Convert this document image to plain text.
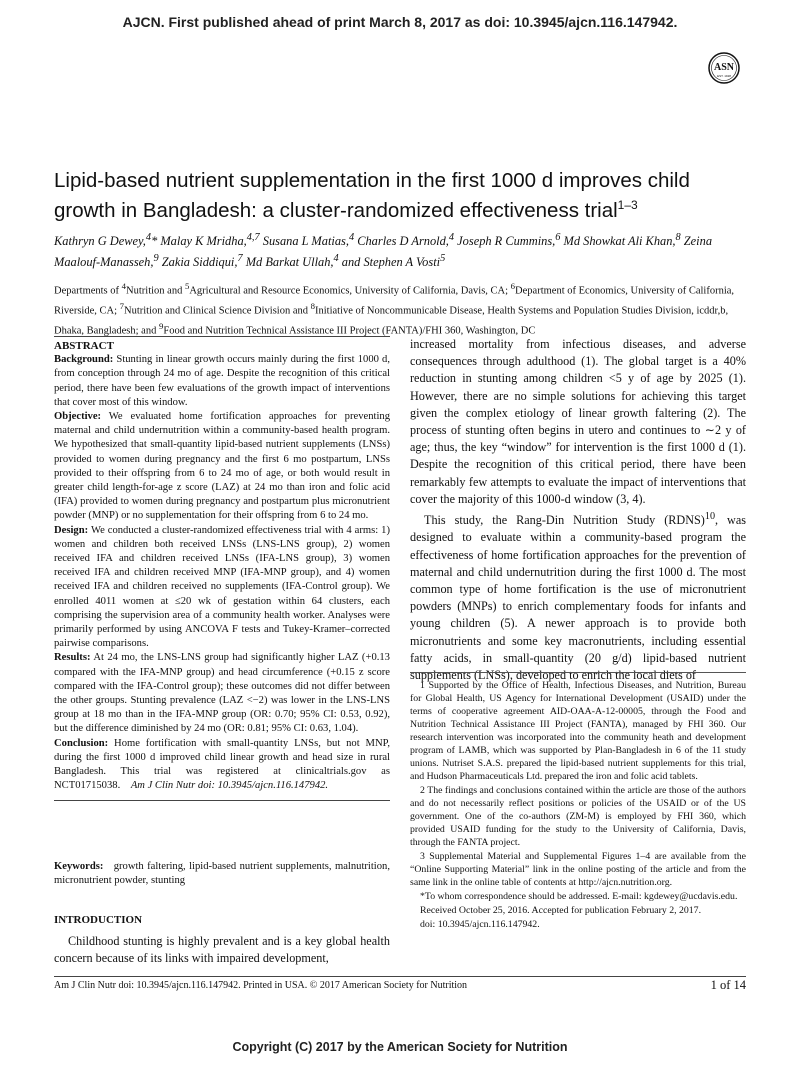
AJCN. First published ahead of print March 8, 2017 as doi: 10.3945/ajcn.116.147942.
ASN
EST. 1928
Lipid-based nutrient supplementation in the first 1000 d improves child growth in Bangladesh: a cluster-randomized effectiveness trial$^{1-3}$
Kathryn G Dewey,$^4$* Malay K Mridha,$^{4,7}$ Susana L Matias,$^4$ Charles D Arnold,$^4$ Joseph R Cummins,$^6$ Md Showkat Ali Khan,$^8$ Zeina Maalouf-Manasseh,$^9$ Zakia Siddiqui,$^7$ Md Barkat Ullah,$^4$ and Stephen A Vosti$^5$
Departments of $^4$Nutrition and $^5$Agricultural and Resource Economics, University of California, Davis, CA; $^6$Department of Economics, University of California, Riverside, CA; $^7$Nutrition and Clinical Science Division and $^8$Initiative of Noncommunicable Disease, Health Systems and Population Studies Division, icddr,b, Dhaka, Bangladesh; and $^9$Food and Nutrition Technical Assistance III Project (FANTA)/FHI 360, Washington, DC

ABSTRACT

Background: Stunting in linear growth occurs mainly during the first 1000 d, from conception through 24 mo of age. Despite the recognition of this critical period, there have been few evaluations of the growth impact of interventions that cover most of this window.

Objective: We evaluated home fortification approaches for preventing maternal and child undernutrition within a community-based health program. We hypothesized that small-quantity lipid-based nutrient supplements (LNSs) provided to women during pregnancy and the first 6 mo postpartum, LNSs provided to their offspring from 6 to 24 mo of age, or both would result in greater child length-for-age z score (LAZ) at 24 mo than iron and folic acid (IFA) provided to women during pregnancy and postpartum plus micronutrient powder (MNP) or no supplementation for their offspring from 6 to 24 mo.

Design: We conducted a cluster-randomized effectiveness trial with 4 arms: 1) women and children both received LNSs (LNS-LNS group), 2) women received IFA and children received LNSs (IFA-LNS group), 3) women received IFA and children received MNP (IFA-MNP group), and 4) women received IFA and children received no supplements (IFA-Control group). We enrolled 4011 women at ≤20 wk of gestation within 64 clusters, each comprising the supervision area of a community health worker. Analyses were primarily performed by using ANCOVA F tests and Tukey-Kramer–corrected pairwise comparisons.

Results: At 24 mo, the LNS-LNS group had significantly higher LAZ (+0.13 compared with the IFA-MNP group) and head circumference (+0.15 z score compared with the IFA-Control group); these outcomes did not differ between the other groups. Stunting prevalence (LAZ <−2) was lower in the LNS-LNS group at 18 mo than in the IFA-MNP group (OR: 0.70; 95% CI: 0.53, 0.92), but the difference diminished by 24 mo (OR: 0.81; 95% CI: 0.63, 1.04).

Conclusion: Home fortification with small-quantity LNSs, but not MNP, during the first 1000 d improved child linear growth and head size in rural Bangladesh. This trial was registered at clinicaltrials.gov as NCT01715038. Am J Clin Nutr doi: 10.3945/ajcn.116.147942.

Keywords: growth faltering, lipid-based nutrient supplements, malnutrition, micronutrient powder, stunting

INTRODUCTION

Childhood stunting is highly prevalent and is a key global health concern because of its links with impaired development,

increased mortality from infectious diseases, and adverse consequences through adulthood (1). The global target is a 40% reduction in stunting among children <5 y of age by 2025 (1). However, there are no simple solutions for achieving this target given the complex etiology of linear growth faltering (2). The process of stunting often begins in utero and continues to ∼2 y of age; thus, the key “window” for intervention is the first 1000 d (1). Despite the recognition of this critical period, there have been remarkably few attempts to evaluate the impact of interventions that cover the majority of this 1000-d window (3, 4).

This study, the Rang-Din Nutrition Study (RDNS)$^{10}$, was designed to evaluate within a community-based program the effectiveness of home fortification approaches for the prevention of maternal and child undernutrition during the first 1000 d. The most common type of home fortification is the use of micronutrient powders (MNPs) to enrich complementary foods for infants and young children (5). A newer approach is to provide both micronutrients and some key macronutrients, including essential fatty acids, in small-quantity (20 g/d) lipid-based nutrient supplements (LNSs), developed to enrich the local diets of

1 Supported by the Office of Health, Infectious Diseases, and Nutrition, Bureau for Global Health, US Agency for International Development (USAID) under the terms of cooperative agreement AID-OAA-A-12-00005, through the Food and Nutrition Technical Assistance III Project (FANTA), managed by FHI 360. Our research intervention was incorporated into the community heath and development program of LAMB, which was supported by Plan-Bangladesh in 6 of the 11 study unions. Nutriset S.A.S. prepared the lipid-based nutrient supplements for this trial, and Hudson Pharmaceuticals Ltd. prepared the iron and folic acid tablets.

2 The findings and conclusions contained within the article are those of the authors and do not necessarily reflect positions or policies of the USAID or of the US government. One of the co-authors (ZM-M) is employed by FHI 360, which provided USAID funding for the study to the University of California, Davis, through the FANTA project.

3 Supplemental Material and Supplemental Figures 1–4 are available from the “Online Supporting Material” link in the online posting of the article and from the same link in the online table of contents at http://ajcn.nutrition.org.

*To whom correspondence should be addressed. E-mail: kgdewey@ucdavis.edu.

Received October 25, 2016. Accepted for publication February 2, 2017.

doi: 10.3945/ajcn.116.147942.

Am J Clin Nutr doi: 10.3945/ajcn.116.147942. Printed in USA. © 2017 American Society for Nutrition	1 of 14
Copyright (C) 2017 by the American Society for Nutrition
